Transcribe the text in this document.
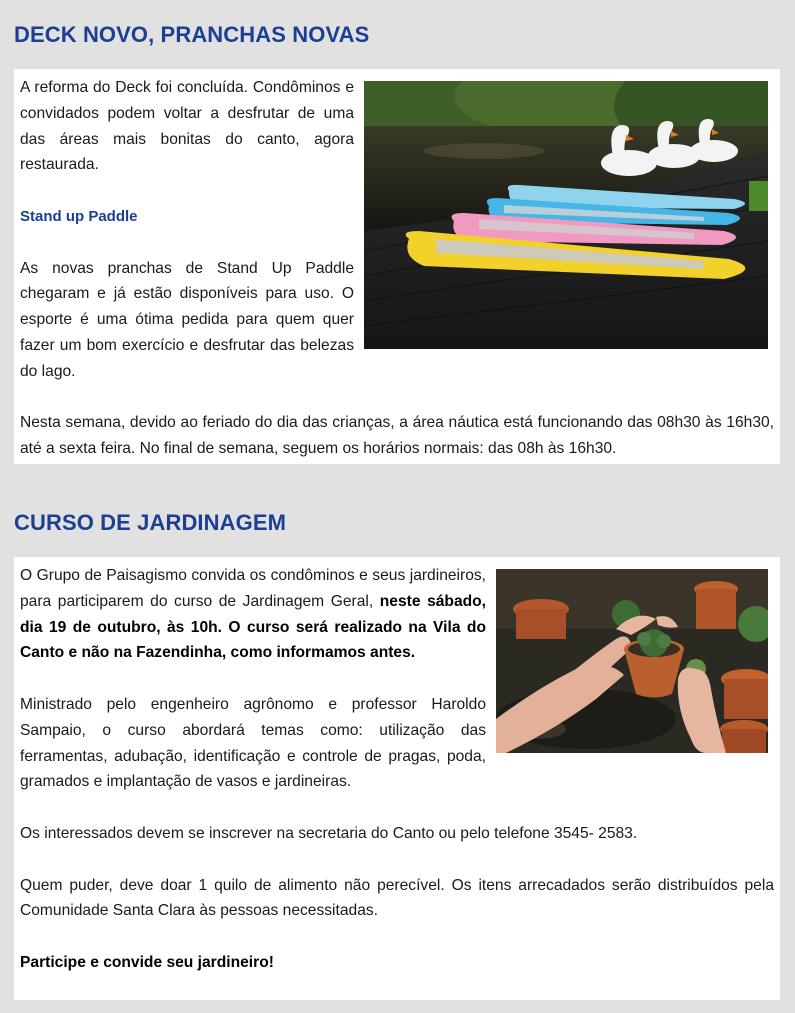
DECK NOVO, PRANCHAS NOVAS

A reforma do Deck foi concluída. Condôminos e convidados podem voltar a desfrutar de uma das áreas mais bonitas do canto, agora restaurada.

Stand up Paddle

As novas pranchas de Stand Up Paddle chegaram e já estão disponíveis para uso. O esporte é uma ótima pedida para quem quer fazer um bom exercício e desfrutar das belezas do lago.

Nesta semana, devido ao feriado do dia das crianças, a área náutica está funcionando das 08h30 às 16h30, até a sexta feira. No final de semana, seguem os horários normais: das 08h às 16h30.

CURSO DE JARDINAGEM

O Grupo de Paisagismo convida os condôminos e seus jardineiros, para participarem do curso de Jardinagem Geral, neste sábado, dia 19 de outubro, às 10h. O curso será realizado na Vila do Canto e não na Fazendinha, como informamos antes.

Ministrado pelo engenheiro agrônomo e professor Haroldo Sampaio, o curso abordará temas como: utilização das ferramentas, adubação, identificação e controle de pragas, poda, gramados e implantação de vasos e jardineiras.

Os interessados devem se inscrever na secretaria do Canto ou pelo telefone 3545- 2583.

Quem puder, deve doar 1 quilo de alimento não perecível. Os itens arrecadados serão distribuídos pela Comunidade Santa Clara às pessoas necessitadas.

Participe e convide seu jardineiro!
